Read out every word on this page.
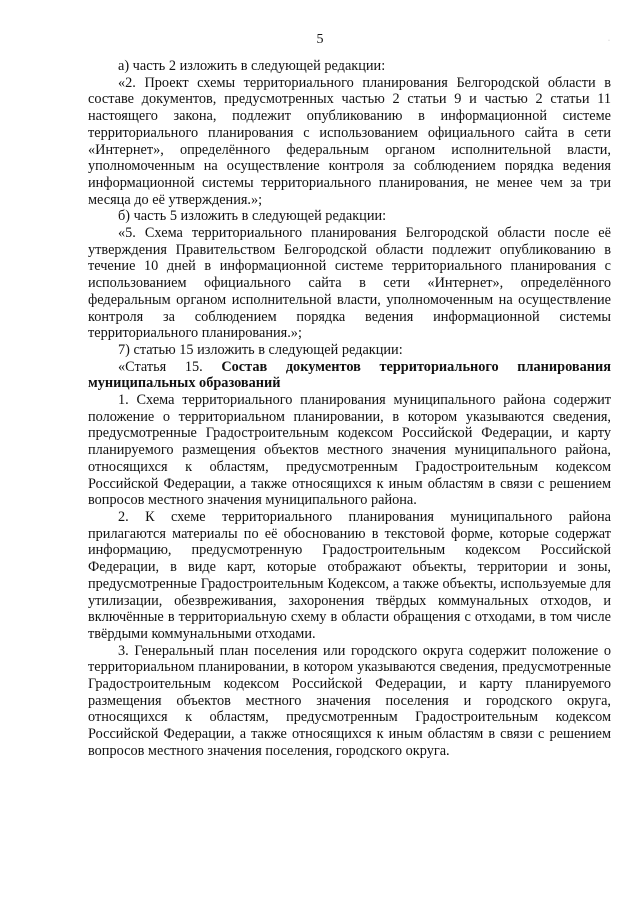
5	·

а) часть 2 изложить в следующей редакции:

«2. Проект схемы территориального планирования Белгородской области в составе документов, предусмотренных частью 2 статьи 9 и частью 2 статьи 11 настоящего закона, подлежит опубликованию в информационной системе территориального планирования с использованием официального сайта в сети «Интернет», определённого федеральным органом исполнительной власти, уполномоченным на осуществление контроля за соблюдением порядка ведения информационной системы территориального планирования, не менее чем за три месяца до её утверждения.»;

б) часть 5 изложить в следующей редакции:

«5. Схема территориального планирования Белгородской области после её утверждения Правительством Белгородской области подлежит опубликованию в течение 10 дней в информационной системе территориального планирования с использованием официального сайта в сети «Интернет», определённого федеральным органом исполнительной власти, уполномоченным на осуществление контроля за соблюдением порядка ведения информационной системы территориального планирования.»;

7) статью 15 изложить в следующей редакции:

«Статья 15. Состав документов территориального планирования муниципальных образований

1. Схема территориального планирования муниципального района содержит положение о территориальном планировании, в котором указываются сведения, предусмотренные Градостроительным кодексом Российской Федерации, и карту планируемого размещения объектов местного значения муниципального района, относящихся к областям, предусмотренным Градостроительным кодексом Российской Федерации, а также относящихся к иным областям в связи с решением вопросов местного значения муниципального района.

2. К схеме территориального планирования муниципального района прилагаются материалы по её обоснованию в текстовой форме, которые содержат информацию, предусмотренную Градостроительным кодексом Российской Федерации, в виде карт, которые отображают объекты, территории и зоны, предусмотренные Градостроительным Кодексом, а также объекты, используемые для утилизации, обезвреживания, захоронения твёрдых коммунальных отходов, и включённые в территориальную схему в области обращения с отходами, в том числе твёрдыми коммунальными отходами.

3. Генеральный план поселения или городского округа содержит положение о территориальном планировании, в котором указываются сведения, предусмотренные Градостроительным кодексом Российской Федерации, и карту планируемого размещения объектов местного значения поселения и городского округа, относящихся к областям, предусмотренным Градостроительным кодексом Российской Федерации, а также относящихся к иным областям в связи с решением вопросов местного значения поселения, городского округа.
